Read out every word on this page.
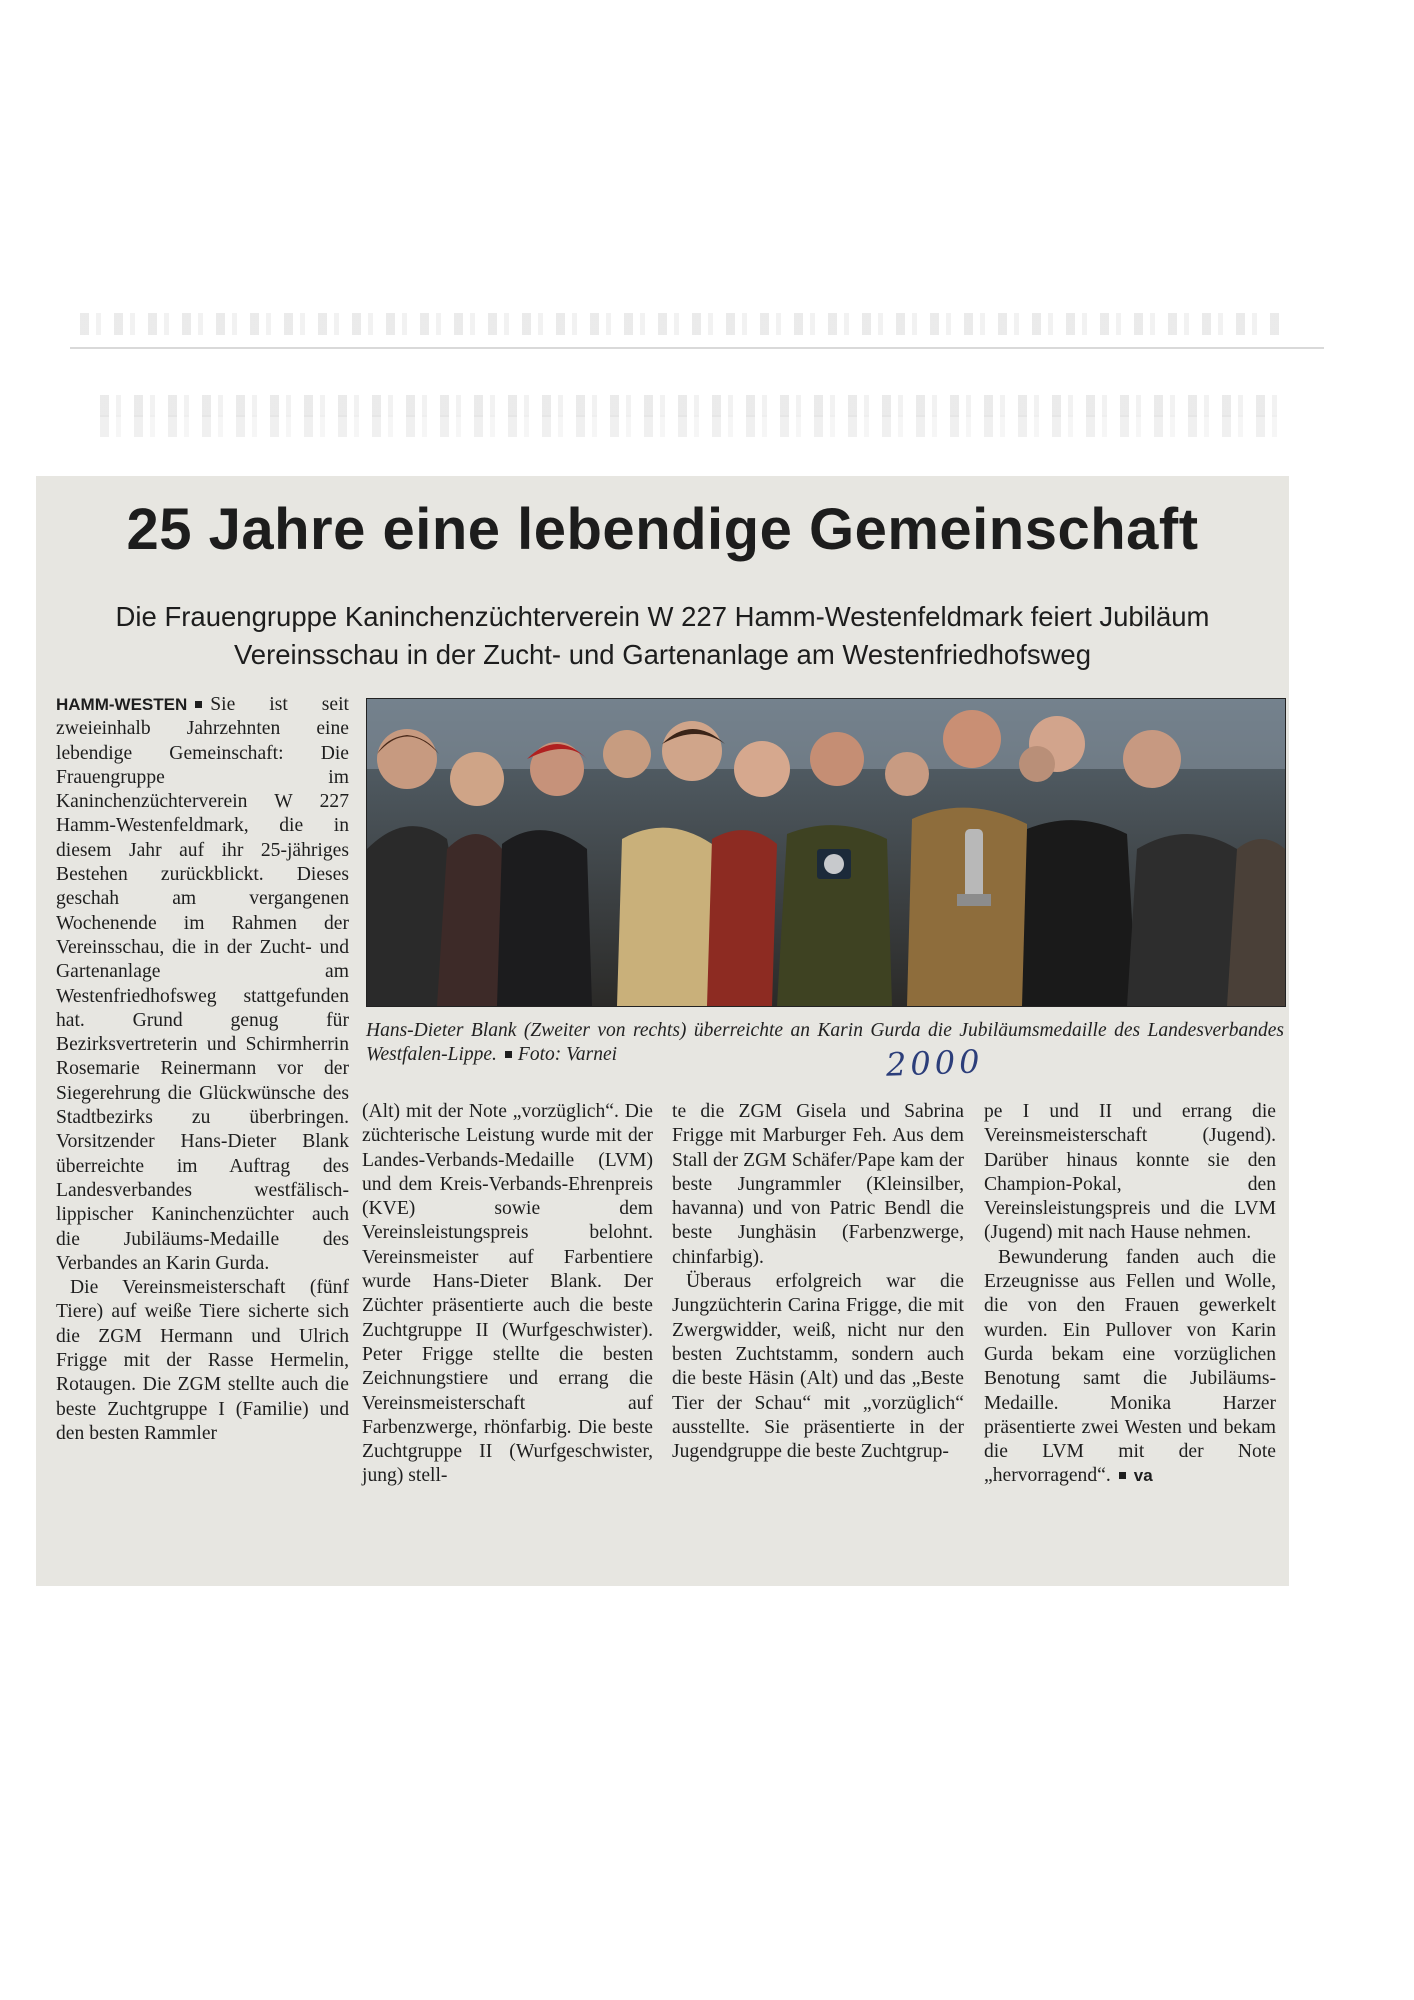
25 Jahre eine lebendige Gemeinschaft
Die Frauengruppe Kaninchenzüchterverein W 227 Hamm-Westenfeldmark feiert Jubiläum
Vereinsschau in der Zucht- und Gartenanlage am Westenfriedhofsweg

HAMM-WESTEN Sie ist seit zweieinhalb Jahrzehnten eine lebendige Gemeinschaft: Die Frauengruppe im Kaninchenzüchterverein W 227 Hamm-Westenfeldmark, die in diesem Jahr auf ihr 25-jähriges Bestehen zurückblickt. Dieses geschah am vergangenen Wochenende im Rahmen der Vereinsschau, die in der Zucht- und Gartenanlage am Westenfriedhofsweg stattgefunden hat. Grund genug für Bezirksvertreterin und Schirmherrin Rosemarie Reinermann vor der Siegerehrung die Glückwünsche des Stadtbezirks zu überbringen. Vorsitzender Hans-Dieter Blank überreichte im Auftrag des Landesverbandes westfälisch-lippischer Kaninchenzüchter auch die Jubiläums-Medaille des Verbandes an Karin Gurda.

Die Vereinsmeisterschaft (fünf Tiere) auf weiße Tiere sicherte sich die ZGM Hermann und Ulrich Frigge mit der Rasse Hermelin, Rotaugen. Die ZGM stellte auch die beste Zuchtgruppe I (Familie) und den besten Rammler

Hans-Dieter Blank (Zweiter von rechts) überreichte an Karin Gurda die Jubiläumsmedaille des Landesverbandes Westfalen-Lippe. Foto: Varnei

(Alt) mit der Note „vorzüglich“. Die züchterische Leistung wurde mit der Landes-Verbands-Medaille (LVM) und dem Kreis-Verbands-Ehrenpreis (KVE) sowie dem Vereinsleistungspreis belohnt. Vereinsmeister auf Farbentiere wurde Hans-Dieter Blank. Der Züchter präsentierte auch die beste Zuchtgruppe II (Wurfgeschwister). Peter Frigge stellte die besten Zeichnungstiere und errang die Vereinsmeisterschaft auf Farbenzwerge, rhönfarbig. Die beste Zuchtgruppe II (Wurfgeschwister, jung) stell-

te die ZGM Gisela und Sabrina Frigge mit Marburger Feh. Aus dem Stall der ZGM Schäfer/Pape kam der beste Jungrammler (Kleinsilber, havanna) und von Patric Bendl die beste Junghäsin (Farbenzwerge, chinfarbig).

Überaus erfolgreich war die Jungzüchterin Carina Frigge, die mit Zwergwidder, weiß, nicht nur den besten Zuchtstamm, sondern auch die beste Häsin (Alt) und das „Beste Tier der Schau“ mit „vorzüglich“ ausstellte. Sie präsentierte in der Jugendgruppe die beste Zuchtgrup-

pe I und II und errang die Vereinsmeisterschaft (Jugend). Darüber hinaus konnte sie den Champion-Pokal, den Vereinsleistungspreis und die LVM (Jugend) mit nach Hause nehmen.

Bewunderung fanden auch die Erzeugnisse aus Fellen und Wolle, die von den Frauen gewerkelt wurden. Ein Pullover von Karin Gurda bekam eine vorzüglichen Benotung samt die Jubiläums-Medaille. Monika Harzer präsentierte zwei Westen und bekam die LVM mit der Note „hervorragend“. va

2000
